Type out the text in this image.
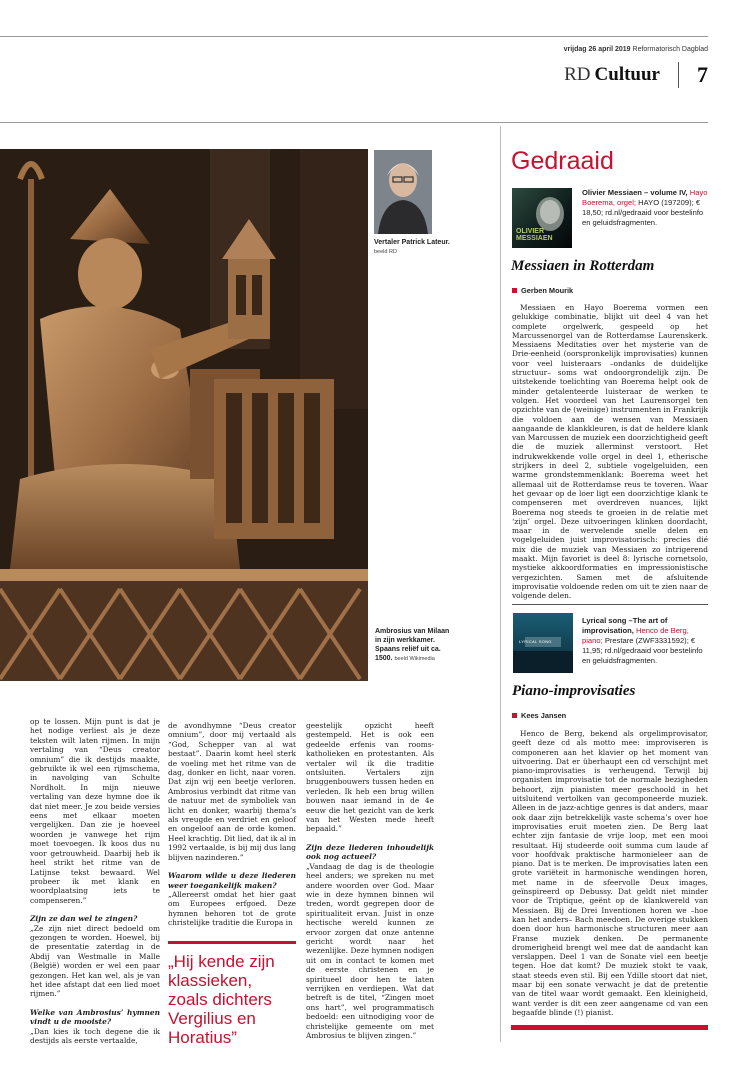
vrijdag 26 april 2019 Reformatorisch Dagblad
RD Cultuur 7
Vertaler Patrick Lateur. beeld RD
Ambrosius van Milaan in zijn werkkamer. Spaans reliëf uit ca. 1500. beeld Wikimedia

op te lossen. Mijn punt is dat je het nodige verliest als je deze teksten wilt laten rijmen. In mijn vertaling van “Deus creator omnium” die ik destijds maakte, gebruikte ik wel een rijmschema, in navolging van Schulte Nordholt. In mijn nieuwe vertaling van deze hymne doe ik dat niet meer. Je zou beide versies eens met elkaar moeten vergelijken. Dan zie je hoeveel woorden je vanwege het rijm moet toevoegen. Ik koos dus nu voor getrouwheid. Daarbij heb ik heel strikt het ritme van de Latijnse tekst bewaard. Wel probeer ik met klank en woordplaatsing iets te compenseren.”

Zijn ze dan wel te zingen?

„Ze zijn niet direct bedoeld om gezongen te worden. Hoewel, bij de presentatie zaterdag in de Abdij van Westmalle in Malle (België) worden er wel een paar gezongen. Het kan wel, als je van het idee afstapt dat een lied moet rijmen.”

Welke van Ambrosius’ hymnen vindt u de mooiste?

„Dan kies ik toch degene die ik destijds als eerste vertaalde,

de avondhymne “Deus creator omnium”, door mij vertaald als “God, Schepper van al wat bestaat”. Daarin komt heel sterk de voeling met het ritme van de dag, donker en licht, naar voren. Dat zijn wij een beetje verloren. Ambrosius verbindt dat ritme van de natuur met de symboliek van licht en donker, waarbij thema’s als vreugde en verdriet en geloof en ongeloof aan de orde komen. Heel krachtig. Dit lied, dat ik al in 1992 vertaalde, is bij mij dus lang blijven nazinderen.”

Waarom wilde u deze liederen weer toegankelijk maken?

„Allereerst omdat het hier gaat om Europees erfgoed. Deze hymnen behoren tot de grote christelijke traditie die Europa in

geestelijk opzicht heeft gestempeld. Het is ook een gedeelde erfenis van rooms-katholieken en protestanten. Als vertaler wil ik die traditie ontsluiten. Vertalers zijn bruggenbouwers tussen heden en verleden. Ik heb een brug willen bouwen naar iemand in de 4e eeuw die het gezicht van de kerk van het Westen mede heeft bepaald.”

Zijn deze liederen inhoudelijk ook nog actueel?

„Vandaag de dag is de theologie heel anders; we spreken nu met andere woorden over God. Maar wie in deze hymnen binnen wil treden, wordt gegrepen door de spiritualiteit ervan. Juist in onze hectische wereld kunnen ze ervoor zorgen dat onze antenne gericht wordt naar het wezenlijke. Deze hymnen nodigen uit om in contact te komen met de eerste christenen en je spiritueel door hen te laten verrijken en verdiepen. Wat dat betreft is de titel, “Zingen moet ons hart”, wel programmatisch bedoeld: een uitnodiging voor de christelijke gemeente om met Ambrosius te blijven zingen.”

„Hij kende zijn klassieken, zoals dichters Vergilius en Horatius”
Gedraaid
OLIVIER MESSIAEN
Olivier Messiaen – volume IV, Hayo Boerema, orgel; HAYO (197209); € 18,50; rd.nl/gedraaid voor bestelinfo en geluidsfragmenten.
Messiaen in Rotterdam
Gerben Mourik
Messiaen en Hayo Boerema vormen een gelukkige combinatie, blijkt uit deel 4 van het complete orgelwerk, gespeeld op het Marcussenorgel van de Rotterdamse Laurenskerk. Messiaens Meditaties over het mysterie van de Drie-eenheid (oorspronkelijk improvisaties) kunnen voor veel luisteraars –ondanks de duidelijke structuur– soms wat ondoorgrondelijk zijn. De uitstekende toelichting van Boerema helpt ook de minder getalenteerde luisteraar de werken te volgen. Het voordeel van het Laurensorgel ten opzichte van de (weinige) instrumenten in Frankrijk die voldoen aan de wensen van Messiaen aangaande de klankkleuren, is dat de heldere klank van Marcussen de muziek een doorzichtigheid geeft die de muziek allerminst verstoort. Het indrukwekkende volle orgel in deel 1, etherische strijkers in deel 2, subtiele vogelgeluiden, een warme grondstemmenklank: Boerema weet het allemaal uit de Rotterdamse reus te toveren. Waar het gevaar op de loer ligt een doorzichtige klank te compenseren met overdreven nuances, lijkt Boerema nog steeds te groeien in de relatie met ‘zijn’ orgel. Deze uitvoeringen klinken doordacht, maar in de wervelende snelle delen en vogelgeluiden juist improvisatorisch: precies dié mix die de muziek van Messiaen zo intrigerend maakt. Mijn favoriet is deel 8: lyrische cornetsolo, mystieke akkoordformaties en impressionistische vergezichten. Samen met de afsluitende improvisatie voldoende reden om uit te zien naar de volgende delen.
LYRICAL SONG
Lyrical song –The art of improvisation, Henco de Berg, piano; Prestare (ZWF3331592); € 11,95; rd.nl/gedraaid voor bestelinfo en geluidsfragmenten.
Piano-improvisaties
Kees Jansen
Henco de Berg, bekend als orgelimprovisator, geeft deze cd als motto mee: improviseren is componeren aan het klavier op het moment van uitvoering. Dat er überhaupt een cd verschijnt met piano-improvisaties is verheugend. Terwijl bij organisten improvisatie tot de normale bezigheden behoort, zijn pianisten meer geschoold in het uitsluitend vertolken van gecomponeerde muziek. Alleen in de jazz-achtige genres is dat anders, maar ook daar zijn betrekkelijk vaste schema’s over hoe improvisaties eruit moeten zien. De Berg laat echter zijn fantasie de vrije loop, met een mooi resultaat. Hij studeerde ooit summa cum laude af voor hoofdvak praktische harmonieleer aan de piano. Dat is te merken. De improvisaties laten een grote variëteit in harmonische wendingen horen, met name in de sfeervolle Deux images, geïnspireerd op Debussy. Dat geldt niet minder voor de Triptique, geënt op de klankwereld van Messiaen. Bij de Drei Inventionen horen we –hoe kan het anders– Bach meedoen. De overige stukken doen door hun harmonische structuren meer aan Franse muziek denken. De permanente dromerigheid brengt wel mee dat de aandacht kan verslappen. Deel 1 van de Sonate viel een beetje tegen. Hoe dat komt? De muziek stokt te vaak, staat steeds even stil. Bij een Ydille stoort dat niet, maar bij een sonate verwacht je dat de pretentie van de titel waar wordt gemaakt. Een kleinigheid, want verder is dit een zeer aangename cd van een begaafde blinde (!) pianist.
